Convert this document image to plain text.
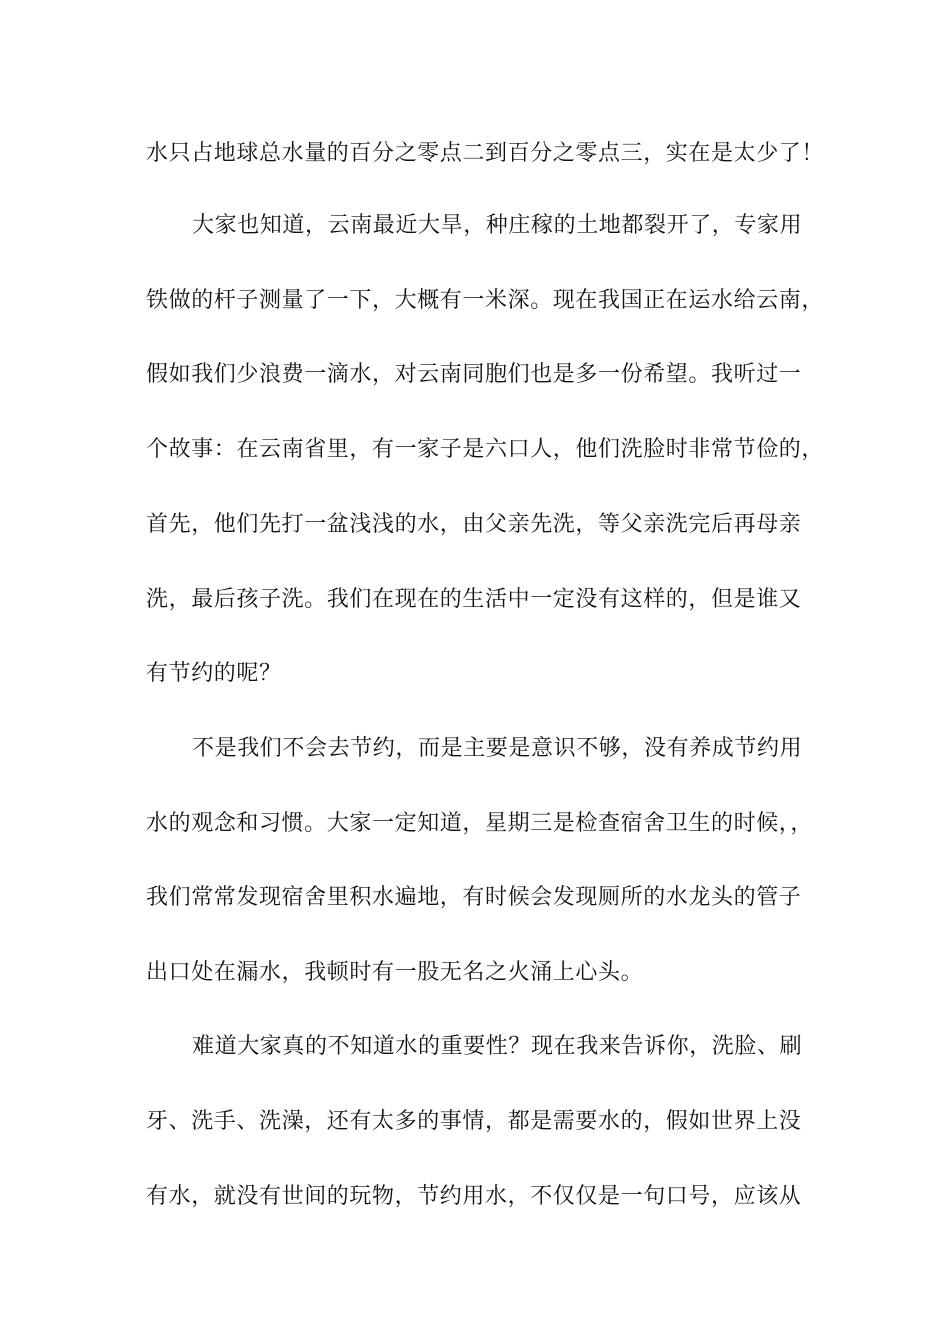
水只占地球总水量的百分之零点二到百分之零点三，实在是太少了！
大家也知道，云南最近大旱，种庄稼的土地都裂开了，专家用
铁做的杆子测量了一下，大概有一米深。现在我国正在运水给云南，
假如我们少浪费一滴水，对云南同胞们也是多一份希望。我听过一
个故事：在云南省里，有一家子是六口人，他们洗脸时非常节俭的，
首先，他们先打一盆浅浅的水，由父亲先洗，等父亲洗完后再母亲
洗，最后孩子洗。我们在现在的生活中一定没有这样的，但是谁又
有节约的呢？
不是我们不会去节约，而是主要是意识不够，没有养成节约用
水的观念和习惯。大家一定知道，星期三是检查宿舍卫生的时候，，
我们常常发现宿舍里积水遍地，有时候会发现厕所的水龙头的管子
出口处在漏水，我顿时有一股无名之火涌上心头。
难道大家真的不知道水的重要性？现在我来告诉你，洗脸、刷
牙、洗手、洗澡，还有太多的事情，都是需要水的，假如世界上没
有水，就没有世间的玩物，节约用水，不仅仅是一句口号，应该从
